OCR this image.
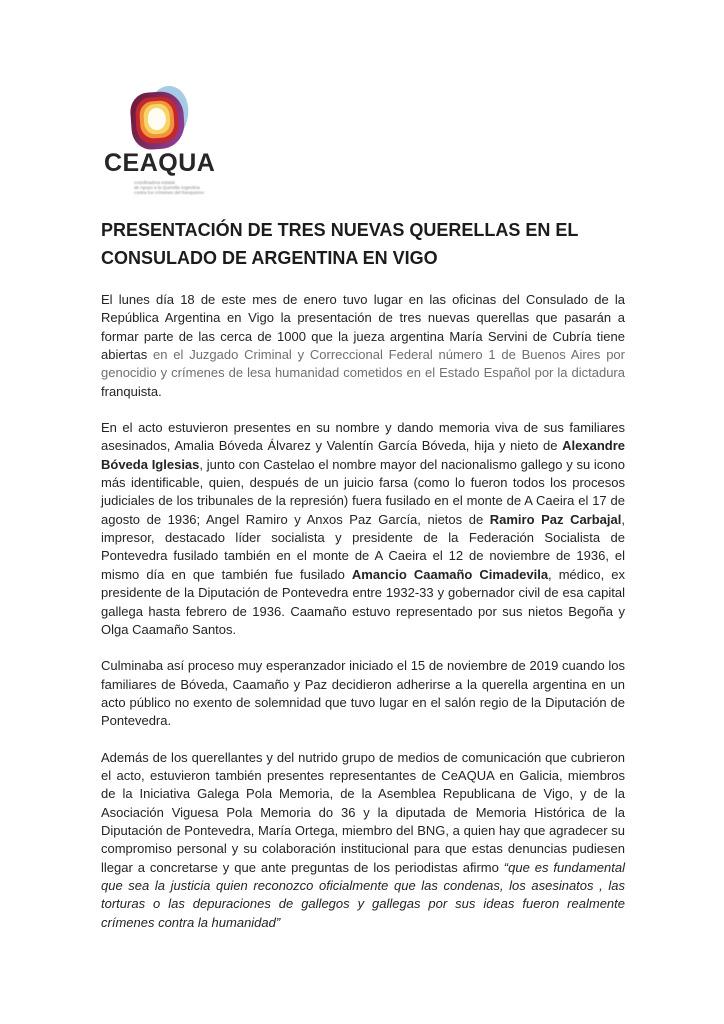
CEAQUA
coordinadora estatal
de Apoyo a la Querella Argentina
contra los crímenes del franquismo
PRESENTACIÓN DE TRES NUEVAS QUERELLAS EN EL
CONSULADO DE ARGENTINA EN VIGO

El lunes día 18 de este mes de enero tuvo lugar en las oficinas del Consulado de la República Argentina en Vigo la presentación de tres nuevas querellas que pasarán a formar parte de las cerca de 1000 que la jueza argentina María Servini de Cubría tiene abiertas en el Juzgado Criminal y Correccional Federal número 1 de Buenos Aires por genocidio y crímenes de lesa humanidad cometidos en el Estado Español por la dictadura franquista.

En el acto estuvieron presentes en su nombre y dando memoria viva de sus familiares asesinados, Amalia Bóveda Álvarez y Valentín García Bóveda, hija y nieto de Alexandre Bóveda Iglesias, junto con Castelao el nombre mayor del nacionalismo gallego y su icono más identificable, quien, después de un juicio farsa (como lo fueron todos los procesos judiciales de los tribunales de la represión) fuera fusilado en el monte de A Caeira el 17 de agosto de 1936; Angel Ramiro y Anxos Paz García, nietos de Ramiro Paz Carbajal, impresor, destacado líder socialista y presidente de la Federación Socialista de Pontevedra fusilado también en el monte de A Caeira el 12 de noviembre de 1936, el mismo día en que también fue fusilado Amancio Caamaño Cimadevila, médico, ex presidente de la Diputación de Pontevedra entre 1932-33 y gobernador civil de esa capital gallega hasta febrero de 1936. Caamaño estuvo representado por sus nietos Begoña y Olga Caamaño Santos.

Culminaba así proceso muy esperanzador iniciado el 15 de noviembre de 2019 cuando los familiares de Bóveda, Caamaño y Paz decidieron adherirse a la querella argentina en un acto público no exento de solemnidad que tuvo lugar en el salón regio de la Diputación de Pontevedra.

Además de los querellantes y del nutrido grupo de medios de comunicación que cubrieron el acto, estuvieron también presentes representantes de CeAQUA en Galicia, miembros de la Iniciativa Galega Pola Memoria, de la Asemblea Republicana de Vigo, y de la Asociación Viguesa Pola Memoria do 36 y la diputada de Memoria Histórica de la Diputación de Pontevedra, María Ortega, miembro del BNG, a quien hay que agradecer su compromiso personal y su colaboración institucional para que estas denuncias pudiesen llegar a concretarse y que ante preguntas de los periodistas afirmo “que es fundamental que sea la justicia quien reconozco oficialmente que las condenas, los asesinatos , las torturas o las depuraciones de gallegos y gallegas por sus ideas fueron realmente crímenes contra la humanidad”
